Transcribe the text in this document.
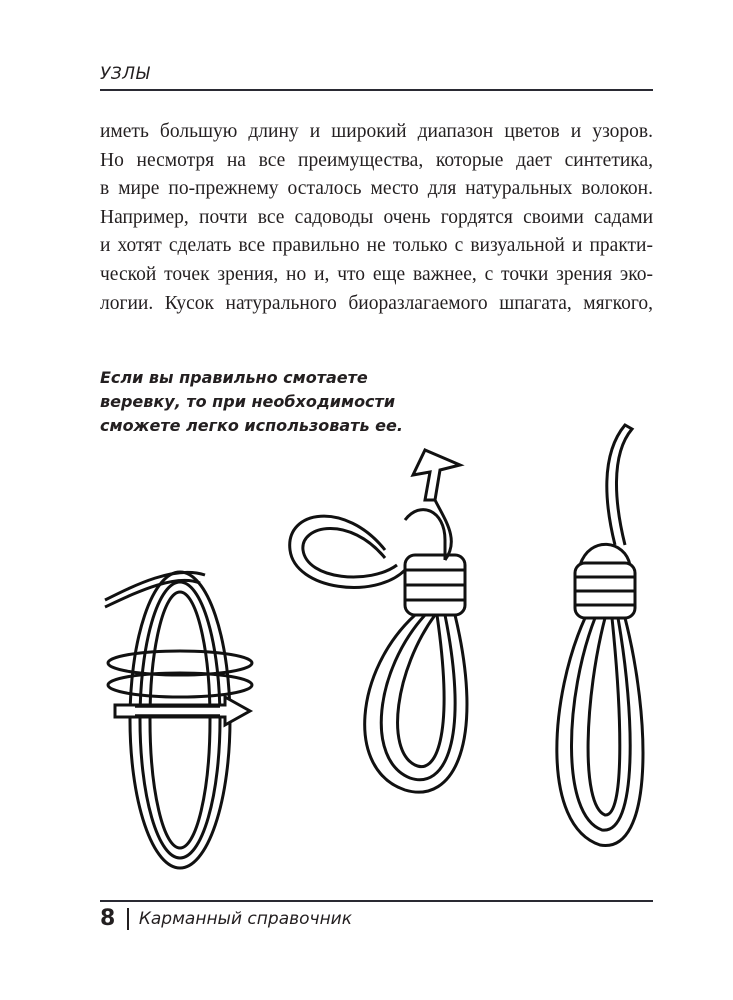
УЗЛЫ
иметь большую длину и широкий диапазон цветов и узоров.
Но несмотря на все преимущества, которые дает синтетика,
в мире по-прежнему осталось место для натуральных волокон.
Например, почти все садоводы очень гордятся своими садами
и хотят сделать все правильно не только с визуальной и практи-
ческой точек зрения, но и, что еще важнее, с точки зрения эко-
логии. Кусок натурального биоразлагаемого шпагата, мягкого,
Если вы правильно смотаете
веревку, то при необходимости
сможете легко использовать ее.
8 Карманный справочник
